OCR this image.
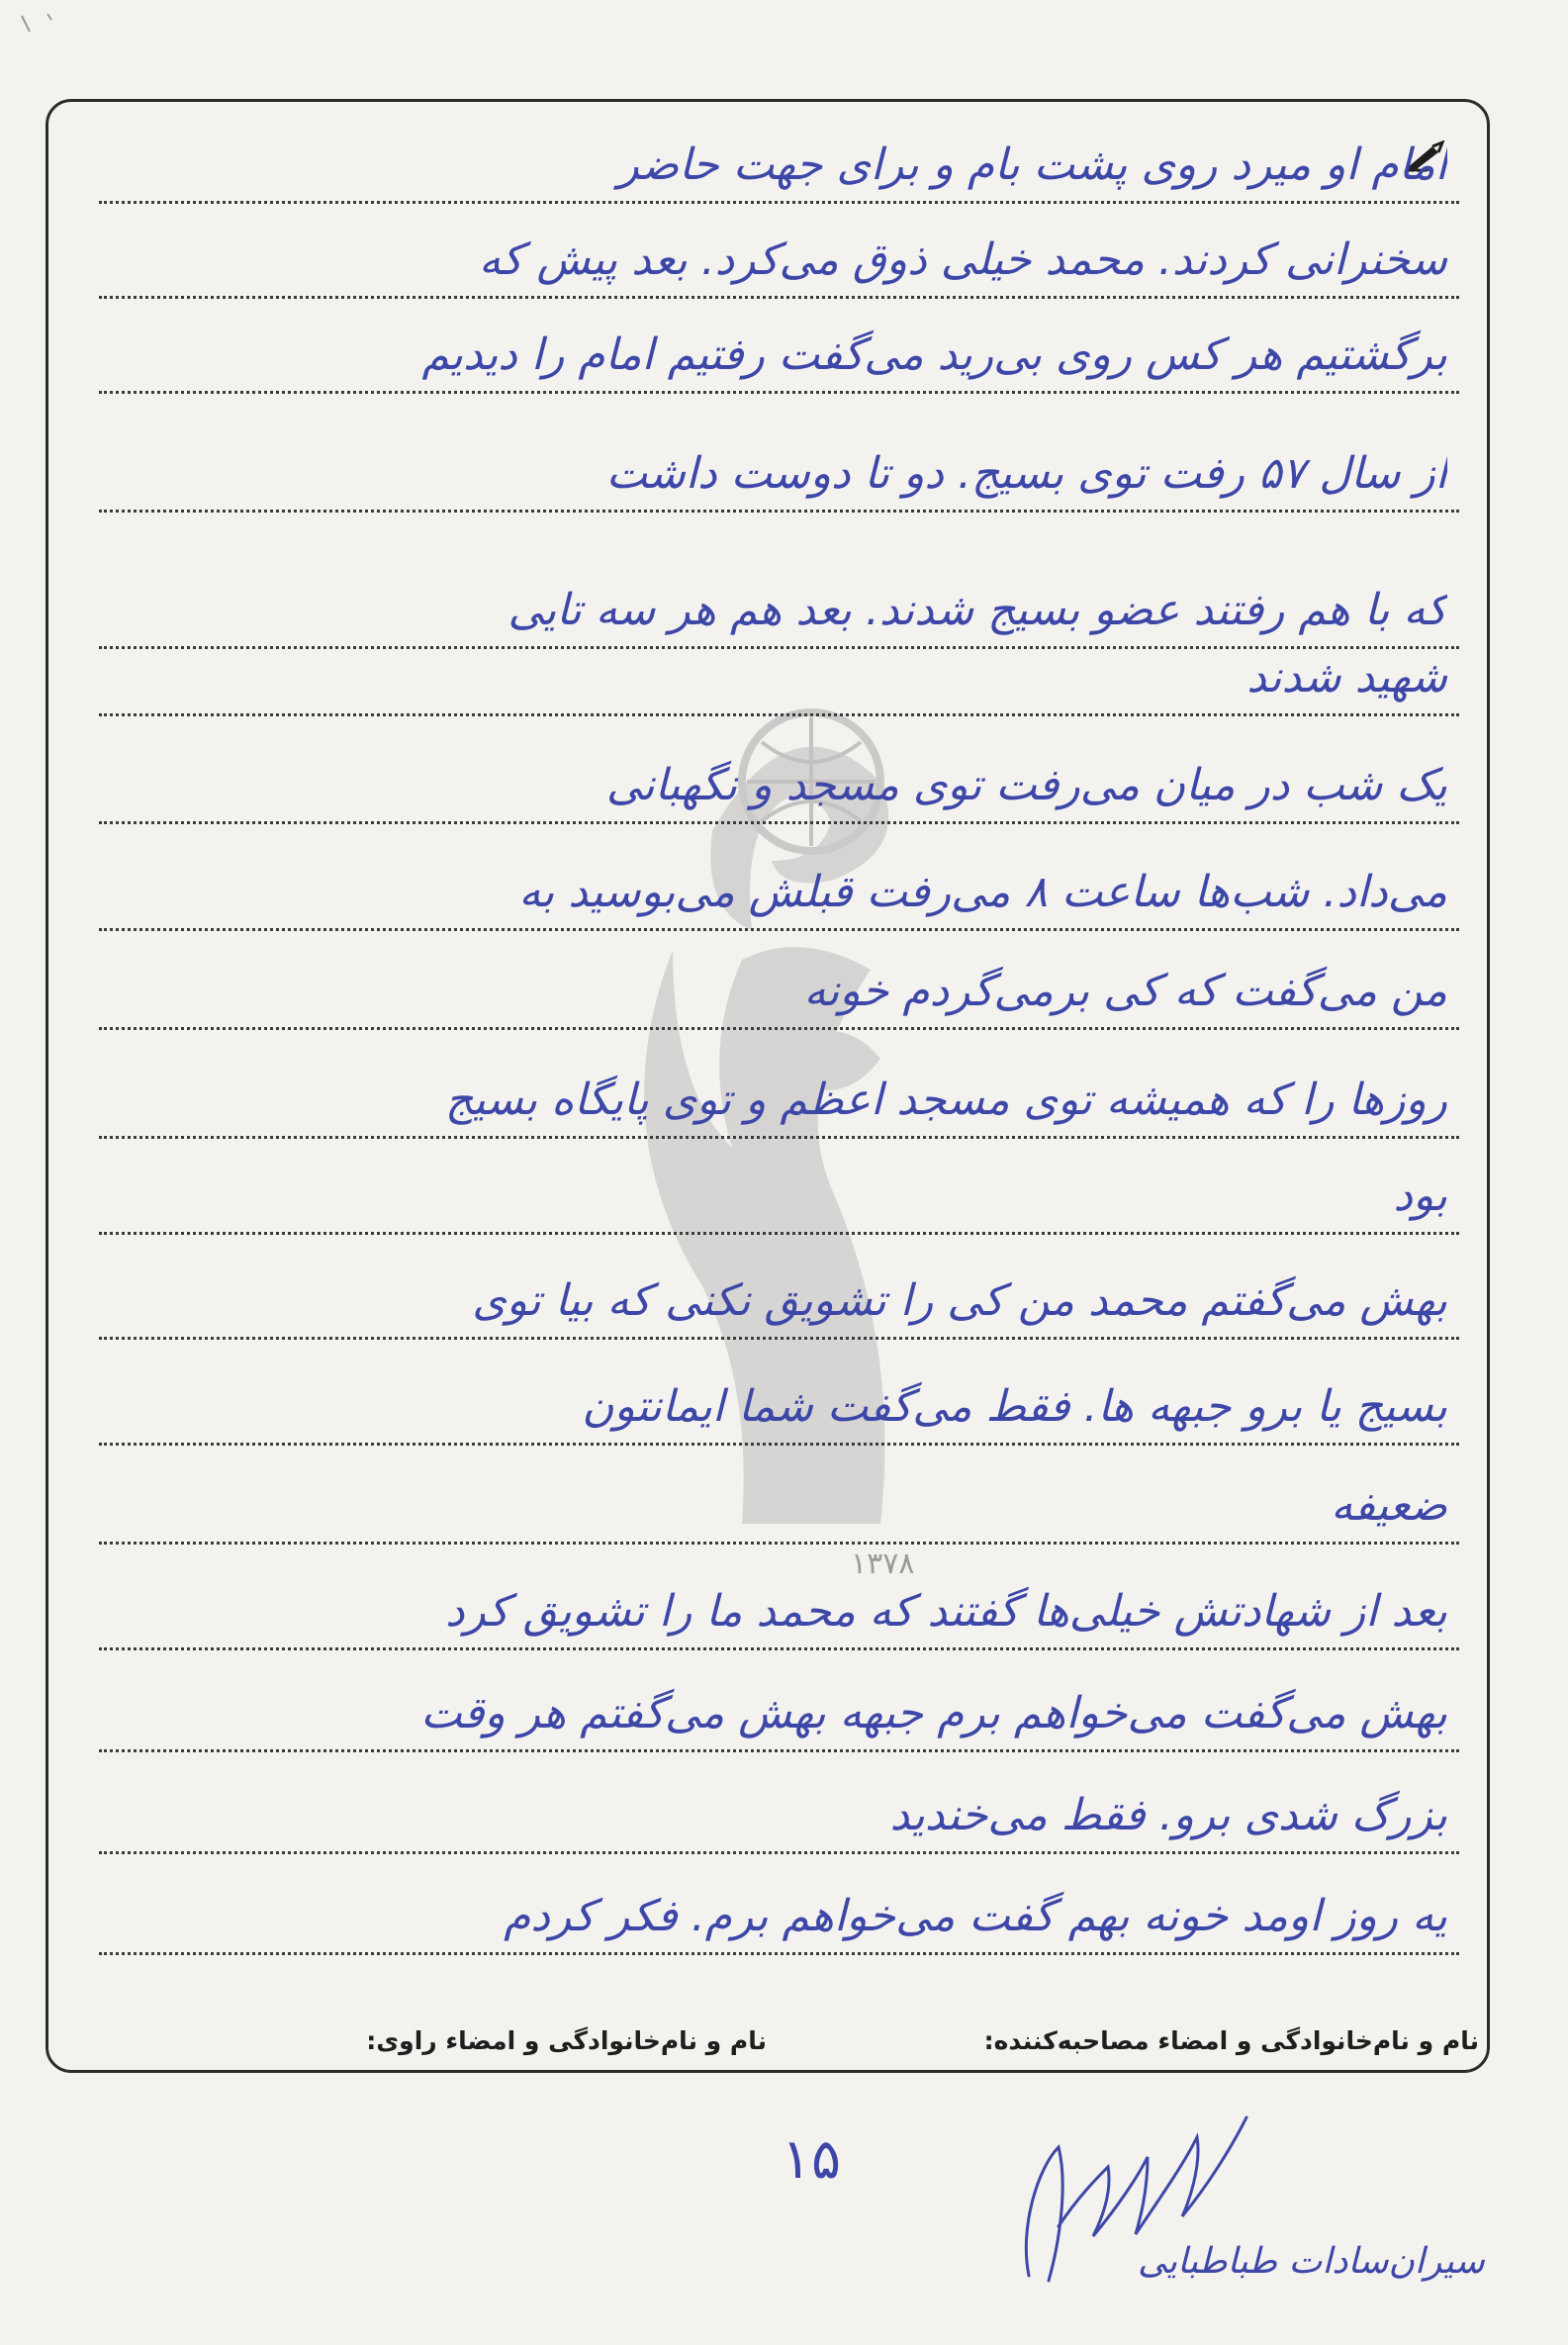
۱۳۷۸
امام او میرد روی پشت بام و برای جهت حاضر
سخنرانی کردند. محمد خیلی ذوق می‌کرد. بعد پیش که
برگشتیم هر کس روی بی‌رید می‌گفت رفتیم امام را دیدیم
از سال ۵۷ رفت توی بسیج. دو تا دوست داشت
که با هم رفتند عضو بسیج شدند. بعد هم هر سه تایی
شهید شدند
یک شب در میان می‌رفت توی مسجد و نگهبانی
می‌داد. شب‌ها ساعت ۸ می‌رفت قبلش می‌بوسید به
من می‌گفت که کی برمی‌گردم خونه
روزها را که همیشه توی مسجد اعظم و توی پایگاه بسیج
بود
بهش می‌گفتم محمد من کی را تشویق نکنی که بیا توی
بسیج یا برو جبهه ها. فقط می‌گفت شما ایمانتون
ضعیفه
بعد از شهادتش خیلی‌ها گفتند که محمد ما را تشویق کرد
بهش می‌گفت می‌خواهم برم جبهه بهش می‌گفتم هر وقت
بزرگ شدی برو. فقط می‌خندید
یه روز اومد خونه بهم گفت می‌خواهم برم. فکر کردم
نام و نام‌خانوادگی و امضاء مصاحبه‌کننده:
نام و نام‌خانوادگی و امضاء راوی:
۱۵
سیران‌سادات طباطبایی
